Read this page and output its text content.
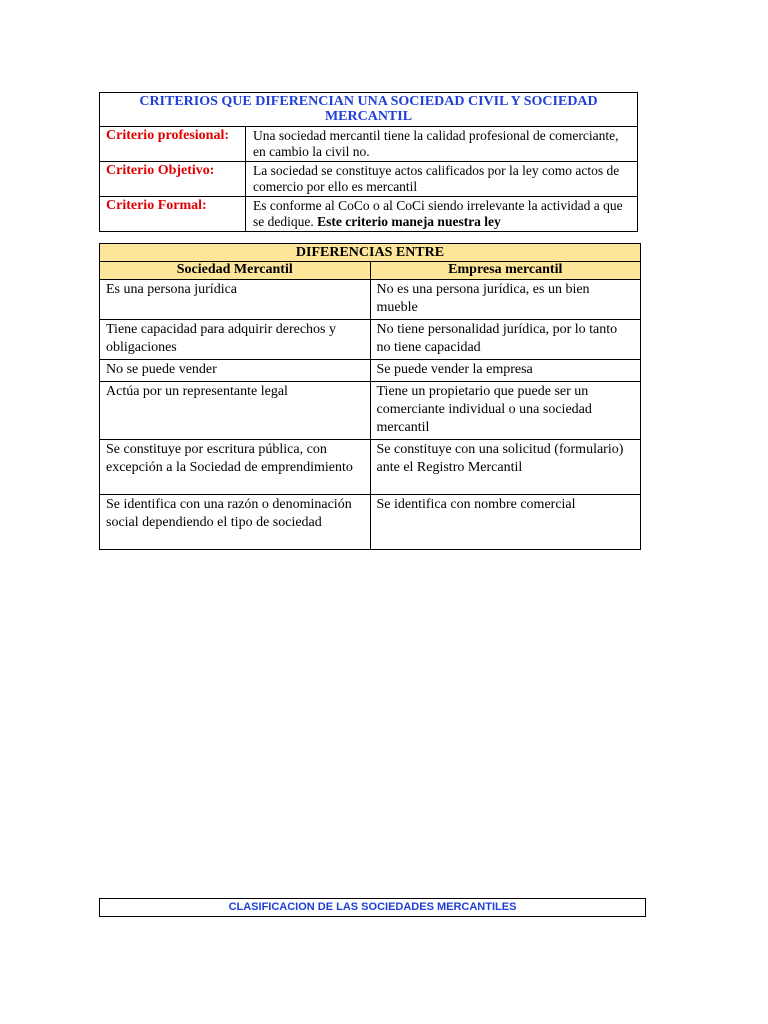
CRITERIOS QUE DIFERENCIAN UNA SOCIEDAD CIVIL Y SOCIEDAD MERCANTIL	
Criterio profesional:	Una sociedad mercantil tiene la calidad profesional de comerciante, en cambio la civil no.
Criterio Objetivo:	La sociedad se constituye actos calificados por la ley como actos de comercio por ello es mercantil
Criterio Formal:	Es conforme al CoCo o al CoCi siendo irrelevante la actividad a que se dedique. Este criterio maneja nuestra ley
DIFERENCIAS ENTRE	
Sociedad Mercantil	Empresa mercantil
Es una persona jurídica	No es una persona jurídica, es un bien mueble
Tiene capacidad para adquirir derechos y obligaciones	No tiene personalidad jurídica, por lo tanto no tiene capacidad
No se puede vender	Se puede vender la empresa
Actúa por un representante legal	Tiene un propietario que puede ser un comerciante individual o una sociedad mercantil
Se constituye por escritura pública, con excepción a la Sociedad de emprendimiento	Se constituye con una solicitud (formulario) ante el Registro Mercantil
Se identifica con una razón o denominación social dependiendo el tipo de sociedad	Se identifica con nombre comercial
CLASIFICACION DE LAS SOCIEDADES MERCANTILES
